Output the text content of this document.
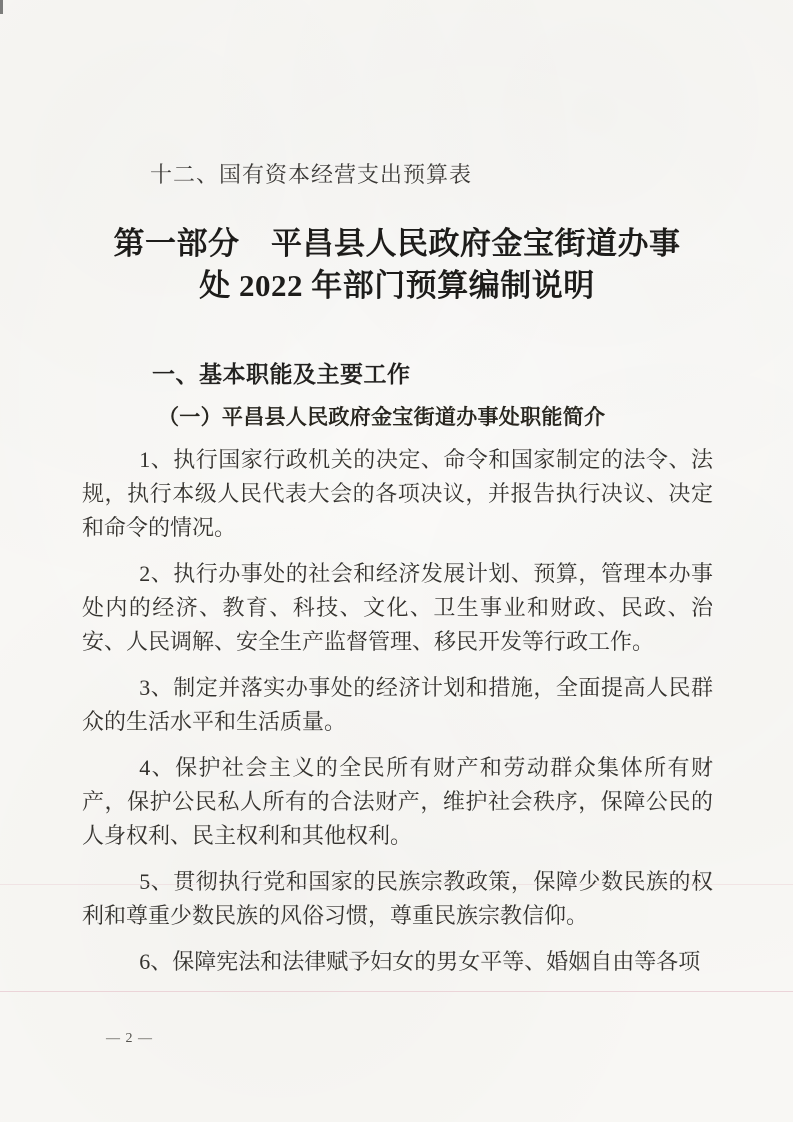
十二、国有资本经营支出预算表
第一部分　平昌县人民政府金宝街道办事
处 2022 年部门预算编制说明
一、基本职能及主要工作
（一）平昌县人民政府金宝街道办事处职能简介

1、执行国家行政机关的决定、命令和国家制定的法令、法规，执行本级人民代表大会的各项决议，并报告执行决议、决定和命令的情况。

2、执行办事处的社会和经济发展计划、预算，管理本办事处内的经济、教育、科技、文化、卫生事业和财政、民政、治安、人民调解、安全生产监督管理、移民开发等行政工作。

3、制定并落实办事处的经济计划和措施，全面提高人民群众的生活水平和生活质量。

4、保护社会主义的全民所有财产和劳动群众集体所有财产，保护公民私人所有的合法财产，维护社会秩序，保障公民的人身权利、民主权利和其他权利。

5、贯彻执行党和国家的民族宗教政策，保障少数民族的权利和尊重少数民族的风俗习惯，尊重民族宗教信仰。

6、保障宪法和法律赋予妇女的男女平等、婚姻自由等各项

— 2 —
